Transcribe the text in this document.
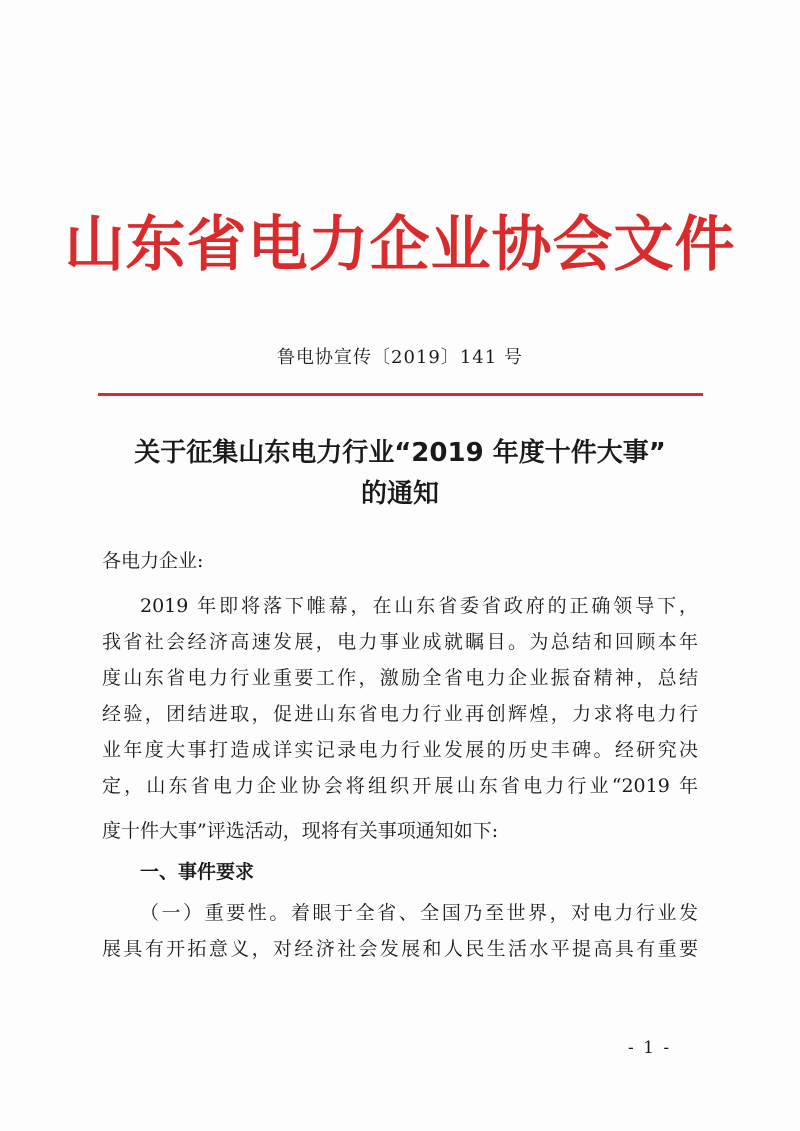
山东省电力企业协会文件
鲁电协宣传〔2019〕141 号
关于征集山东电力行业“2019 年度十件大事”
的通知
各电力企业:
2019 年即将落下帷幕，在山东省委省政府的正确领导下，
我省社会经济高速发展，电力事业成就瞩目。为总结和回顾本年
度山东省电力行业重要工作，激励全省电力企业振奋精神，总结
经验，团结进取，促进山东省电力行业再创辉煌，力求将电力行
业年度大事打造成详实记录电力行业发展的历史丰碑。经研究决
定，山东省电力企业协会将组织开展山东省电力行业“2019 年
度十件大事”评选活动，现将有关事项通知如下:
一、事件要求
（一）重要性。着眼于全省、全国乃至世界，对电力行业发
展具有开拓意义，对经济社会发展和人民生活水平提高具有重要
- 1 -
